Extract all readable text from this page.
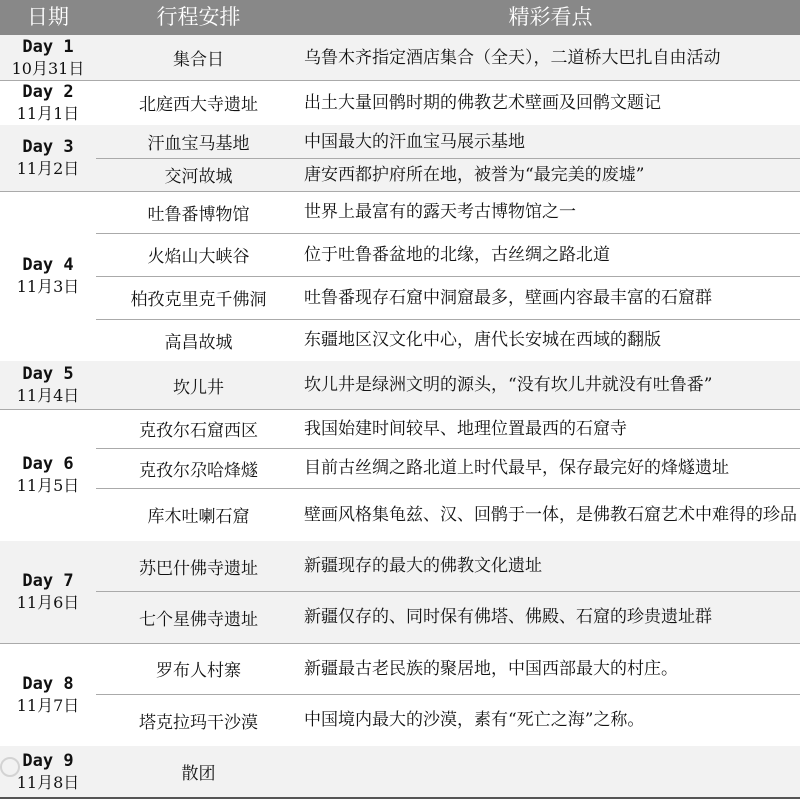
日期	行程安排	精彩看点
Day 1
10月31日	集合日	乌鲁木齐指定酒店集合（全天），二道桥大巴扎自由活动
Day 2
11月1日	北庭西大寺遗址	出土大量回鹘时期的佛教艺术壁画及回鹘文题记
Day 3
11月2日
汗血宝马基地	中国最大的汗血宝马展示基地
交河故城	唐安西都护府所在地，被誉为“最完美的废墟”
Day 4
11月3日
吐鲁番博物馆	世界上最富有的露天考古博物馆之一
火焰山大峡谷	位于吐鲁番盆地的北缘，古丝绸之路北道
柏孜克里克千佛洞	吐鲁番现存石窟中洞窟最多，壁画内容最丰富的石窟群
高昌故城	东疆地区汉文化中心，唐代长安城在西域的翻版
Day 5
11月4日	坎儿井	坎儿井是绿洲文明的源头，“没有坎儿井就没有吐鲁番”
Day 6
11月5日
克孜尔石窟西区	我国始建时间较早、地理位置最西的石窟寺
克孜尔尕哈烽燧	目前古丝绸之路北道上时代最早，保存最完好的烽燧遗址
库木吐喇石窟	壁画风格集龟兹、汉、回鹘于一体，是佛教石窟艺术中难得的珍品
Day 7
11月6日
苏巴什佛寺遗址	新疆现存的最大的佛教文化遗址
七个星佛寺遗址	新疆仅存的、同时保有佛塔、佛殿、石窟的珍贵遗址群
Day 8
11月7日
罗布人村寨	新疆最古老民族的聚居地，中国西部最大的村庄。
塔克拉玛干沙漠	中国境内最大的沙漠，素有“死亡之海”之称。
Day 9
11月8日	散团
